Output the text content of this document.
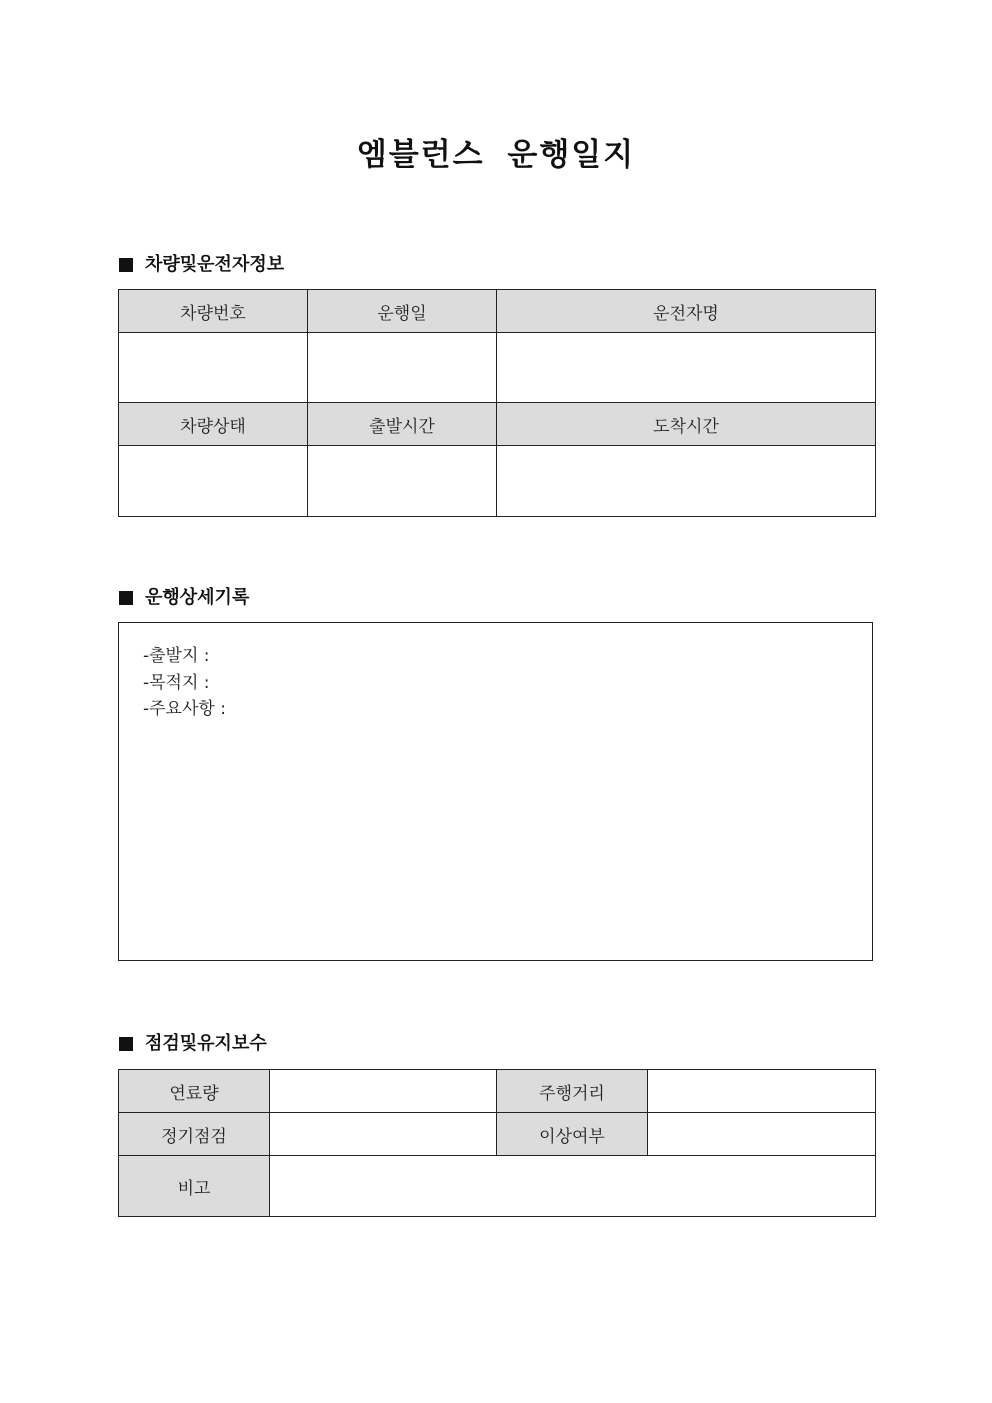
엠블런스 운행일지
차량및운전자정보
차량번호	운행일	운전자명

차량상태	출발시간	도착시간

운행상세기록
-출발지 :
-목적지 :
-주요사항 :
점검및유지보수
연료량		주행거리	
정기점검		이상여부	
비고			
